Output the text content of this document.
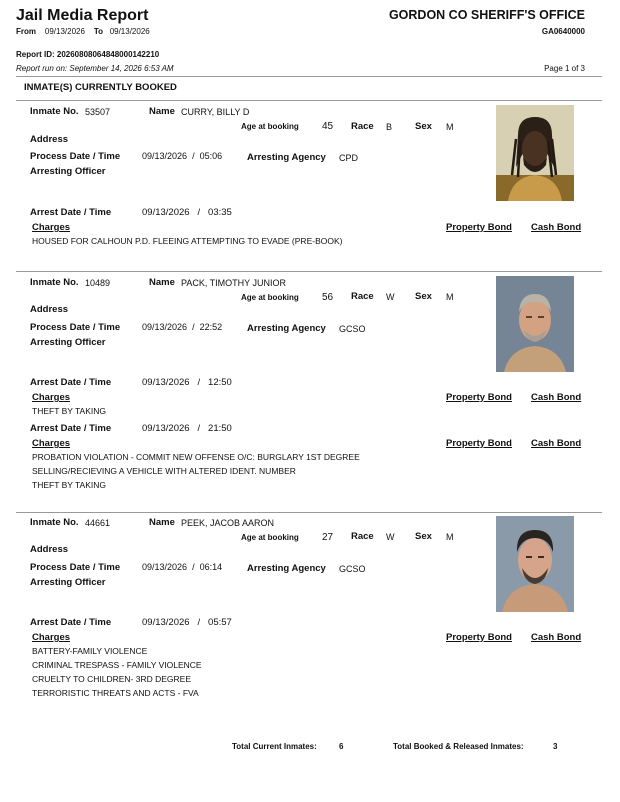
Jail Media Report	GORDON CO SHERIFF'S OFFICE
GA0640000
From 09/13/2026 To 09/13/2026
Report ID: 20260808064848000142210
Report run on: September 14, 2026 6:53 AM	Page 1 of 3
INMATE(S) CURRENTLY BOOKED
Inmate No. 53507	Name CURRY, BILLY D
Age at booking 45 Race B Sex M
Address
Process Date / Time 09/13/2026 / 05:06	Arresting Agency CPD
Arresting Officer
Arrest Date / Time	09/13/2026 / 03:35
Charges	Property Bond Cash Bond
HOUSED FOR CALHOUN P.D. FLEEING ATTEMPTING TO EVADE (PRE-BOOK)
Inmate No. 10489	Name PACK, TIMOTHY JUNIOR
Age at booking 56 Race W Sex M
Address
Process Date / Time 09/13/2026 / 22:52	Arresting Agency GCSO
Arresting Officer
Arrest Date / Time	09/13/2026 / 12:50
Charges	Property Bond Cash Bond
THEFT BY TAKING
Arrest Date / Time	09/13/2026 / 21:50
Charges	Property Bond Cash Bond
PROBATION VIOLATION - COMMIT NEW OFFENSE O/C: BURGLARY 1ST DEGREE
SELLING/RECIEVING A VEHICLE WITH ALTERED IDENT. NUMBER
THEFT BY TAKING
Inmate No. 44661	Name PEEK, JACOB AARON
Age at booking 27 Race W Sex M
Address
Process Date / Time 09/13/2026 / 06:14	Arresting Agency GCSO
Arresting Officer
Arrest Date / Time	09/13/2026 / 05:57
Charges	Property Bond Cash Bond
BATTERY-FAMILY VIOLENCE
CRIMINAL TRESPASS - FAMILY VIOLENCE
CRUELTY TO CHILDREN- 3RD DEGREE
TERRORISTIC THREATS AND ACTS - FVA
Total Current Inmates:	6	Total Booked & Released Inmates:	3
